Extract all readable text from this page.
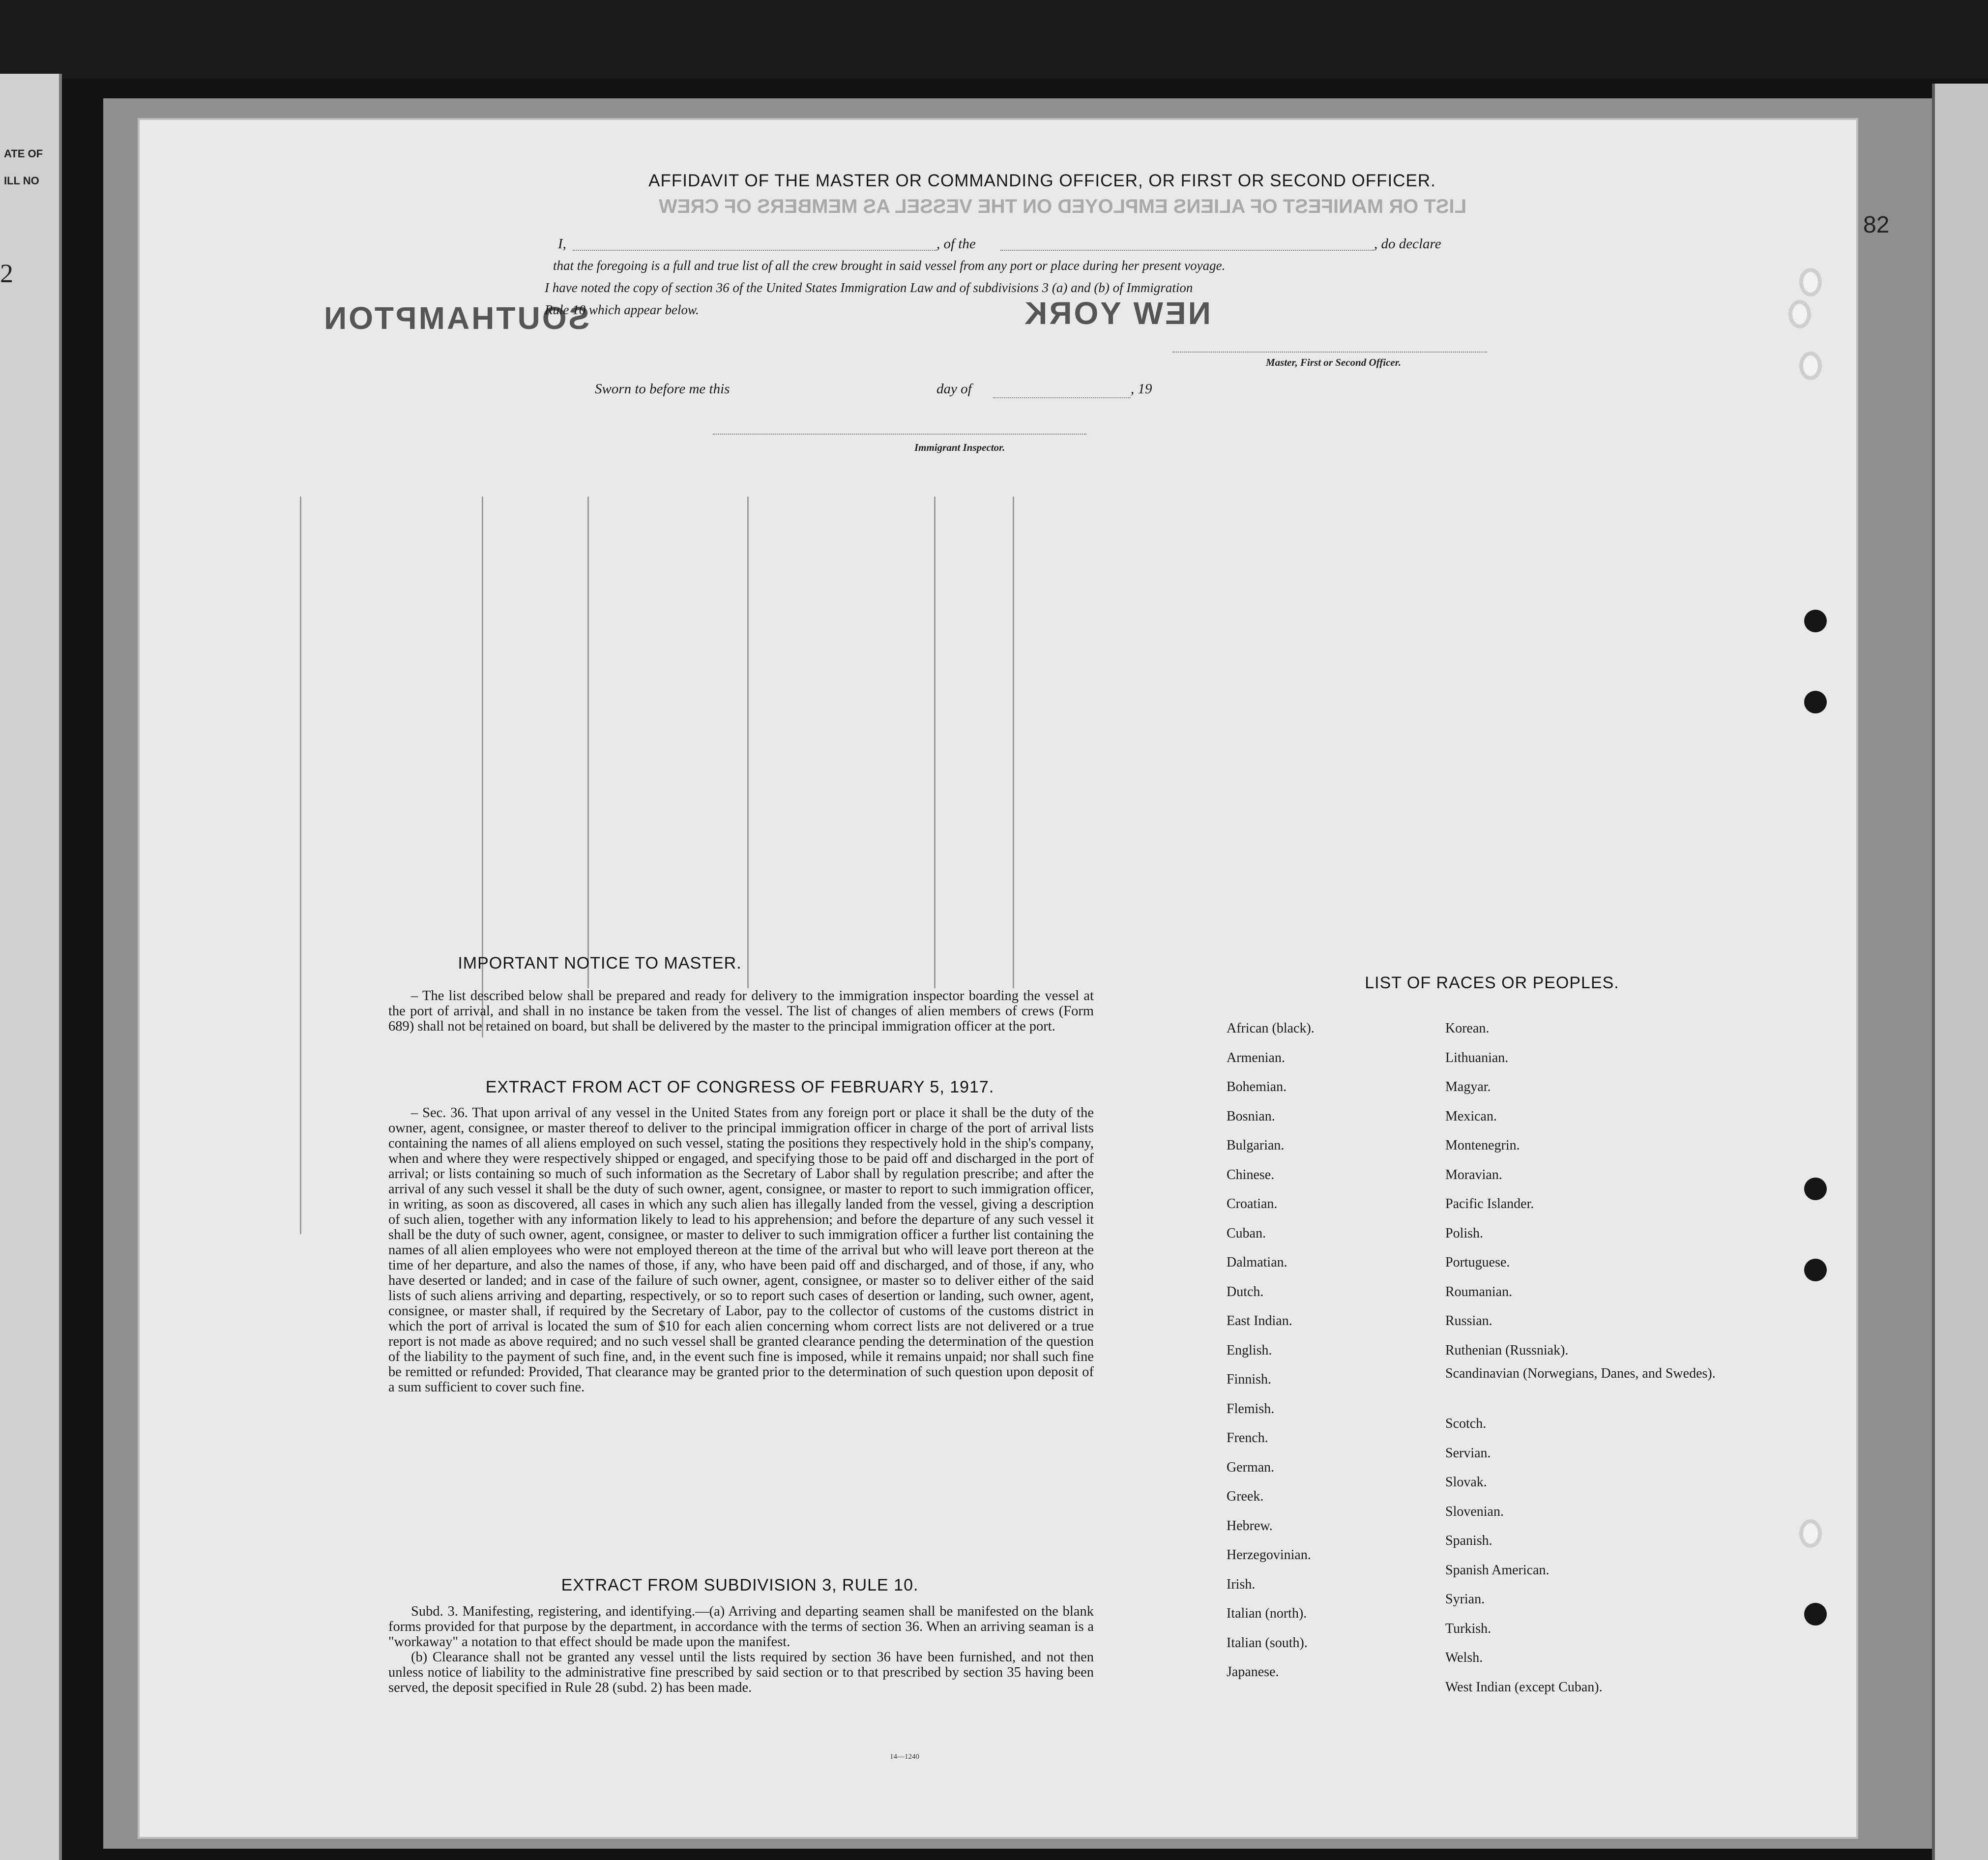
ATE OF
ILL NO
2
LIST OR MANIFEST OF ALIENS EMPLOYED ON THE VESSEL AS MEMBERS OF CREW
SOUTHAMPTON	NEW YORK
82
AFFIDAVIT OF THE MASTER OR COMMANDING OFFICER, OR FIRST OR SECOND OFFICER.
I,	, of the	, do declare
that the foregoing is a full and true list of all the crew brought in said vessel from any port or place during her present voyage.
I have noted the copy of section 36 of the United States Immigration Law and of subdivisions 3 (a) and (b) of Immigration
Rule 10 which appear below.
Master, First or Second Officer.
Sworn to before me this	day of	, 19
Immigrant Inspector.
IMPORTANT NOTICE TO MASTER.

– The list described below shall be prepared and ready for delivery to the immigration inspector boarding the vessel at the port of arrival, and shall in no instance be taken from the vessel. The list of changes of alien members of crews (Form 689) shall not be retained on board, but shall be delivered by the master to the principal immigration officer at the port.

EXTRACT FROM ACT OF CONGRESS OF FEBRUARY 5, 1917.

– Sec. 36. That upon arrival of any vessel in the United States from any foreign port or place it shall be the duty of the owner, agent, consignee, or master thereof to deliver to the principal immigration officer in charge of the port of arrival lists containing the names of all aliens employed on such vessel, stating the positions they respectively hold in the ship's company, when and where they were respectively shipped or engaged, and specifying those to be paid off and discharged in the port of arrival; or lists containing so much of such information as the Secretary of Labor shall by regulation prescribe; and after the arrival of any such vessel it shall be the duty of such owner, agent, consignee, or master to report to such immigration officer, in writing, as soon as discovered, all cases in which any such alien has illegally landed from the vessel, giving a description of such alien, together with any information likely to lead to his apprehension; and before the departure of any such vessel it shall be the duty of such owner, agent, consignee, or master to deliver to such immigration officer a further list containing the names of all alien employees who were not employed thereon at the time of the arrival but who will leave port thereon at the time of her departure, and also the names of those, if any, who have been paid off and discharged, and of those, if any, who have deserted or landed; and in case of the failure of such owner, agent, consignee, or master so to deliver either of the said lists of such aliens arriving and departing, respectively, or so to report such cases of desertion or landing, such owner, agent, consignee, or master shall, if required by the Secretary of Labor, pay to the collector of customs of the customs district in which the port of arrival is located the sum of $10 for each alien concerning whom correct lists are not delivered or a true report is not made as above required; and no such vessel shall be granted clearance pending the determination of the question of the liability to the payment of such fine, and, in the event such fine is imposed, while it remains unpaid; nor shall such fine be remitted or refunded: Provided, That clearance may be granted prior to the determination of such question upon deposit of a sum sufficient to cover such fine.

EXTRACT FROM SUBDIVISION 3, RULE 10.

Subd. 3. Manifesting, registering, and identifying.—(a) Arriving and departing seamen shall be manifested on the blank forms provided for that purpose by the department, in accordance with the terms of section 36. When an arriving seaman is a "workaway" a notation to that effect should be made upon the manifest.

(b) Clearance shall not be granted any vessel until the lists required by section 36 have been furnished, and not then unless notice of liability to the administrative fine prescribed by said section or to that prescribed by section 35 having been served, the deposit specified in Rule 28 (subd. 2) has been made.

14—1240
LIST OF RACES OR PEOPLES.
African (black).
Armenian.
Bohemian.
Bosnian.
Bulgarian.
Chinese.
Croatian.
Cuban.
Dalmatian.
Dutch.
East Indian.
English.
Finnish.
Flemish.
French.
German.
Greek.
Hebrew.
Herzegovinian.
Irish.
Italian (north).
Italian (south).
Japanese.
Korean.
Lithuanian.
Magyar.
Mexican.
Montenegrin.
Moravian.
Pacific Islander.
Polish.
Portuguese.
Roumanian.
Russian.
Ruthenian (Russniak).
Scandinavian (Norwegians, Danes, and Swedes).
Scotch.
Servian.
Slovak.
Slovenian.
Spanish.
Spanish American.
Syrian.
Turkish.
Welsh.
West Indian (except Cuban).
